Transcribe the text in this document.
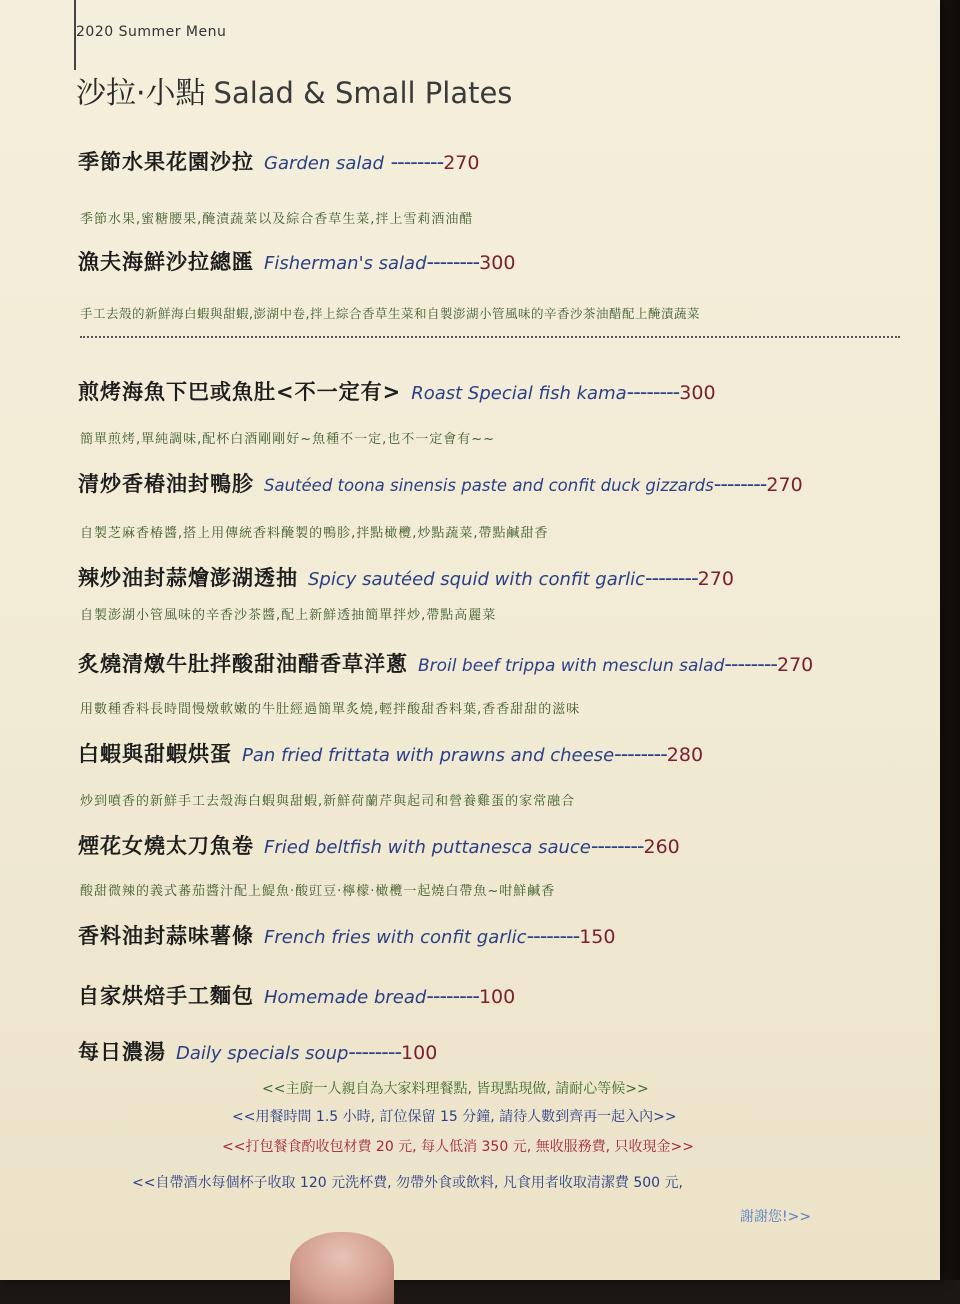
2020 Summer Menu
沙拉·小點 Salad & Small Plates
季節水果花園沙拉 Garden salad --------270
季節水果,蜜糖腰果,醃漬蔬菜以及綜合香草生菜,拌上雪莉酒油醋
漁夫海鮮沙拉總匯 Fisherman's salad--------300
手工去殼的新鮮海白蝦與甜蝦,澎湖中卷,拌上綜合香草生菜和自製澎湖小管風味的辛香沙茶油醋配上醃漬蔬菜
煎烤海魚下巴或魚肚<不一定有> Roast Special fish kama--------300
簡單煎烤,單純調味,配杯白酒剛剛好~魚種不一定,也不一定會有~~
清炒香椿油封鴨胗 Sautéed toona sinensis paste and confit duck gizzards--------270
自製芝麻香椿醬,搭上用傳統香料醃製的鴨胗,拌點橄欖,炒點蔬菜,帶點鹹甜香
辣炒油封蒜燴澎湖透抽 Spicy sautéed squid with confit garlic--------270
自製澎湖小管風味的辛香沙茶醬,配上新鮮透抽簡單拌炒,帶點高麗菜
炙燒清燉牛肚拌酸甜油醋香草洋蔥 Broil beef trippa with mesclun salad--------270
用數種香料長時間慢燉軟嫩的牛肚經過簡單炙燒,輕拌酸甜香料葉,香香甜甜的滋味
白蝦與甜蝦烘蛋 Pan fried frittata with prawns and cheese--------280
炒到噴香的新鮮手工去殼海白蝦與甜蝦,新鮮荷蘭芹與起司和營養雞蛋的家常融合
煙花女燒太刀魚卷 Fried beltfish with puttanesca sauce--------260
酸甜微辣的義式蕃茄醬汁配上鯷魚·酸豇豆·檸檬·橄欖一起燒白帶魚~咁鮮鹹香
香料油封蒜味薯條 French fries with confit garlic--------150
自家烘焙手工麵包 Homemade bread--------100
每日濃湯 Daily specials soup--------100
<<主廚一人親自為大家料理餐點, 皆現點現做, 請耐心等候>>
<<用餐時間 1.5 小時, 訂位保留 15 分鐘, 請待人數到齊再一起入內>>
<<打包餐食酌收包材費 20 元, 每人低消 350 元, 無收服務費, 只收現金>>
<<自帶酒水每個杯子收取 120 元洗杯費, 勿帶外食或飲料, 凡食用者收取清潔費 500 元,
謝謝您!>>
